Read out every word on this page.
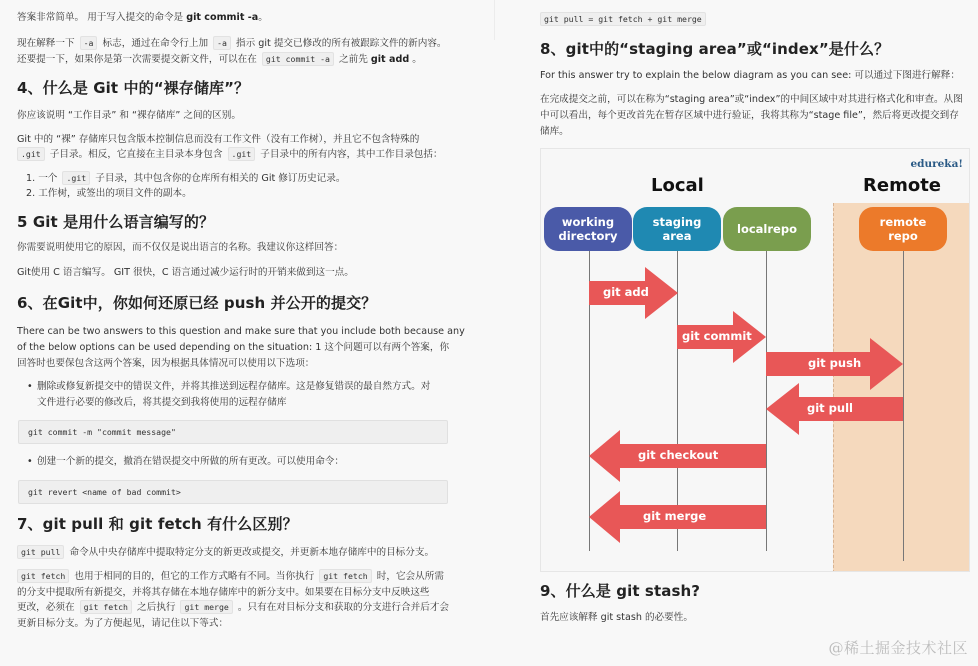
答案非常简单。 用于写入提交的命令是 git commit -a。
现在解释一下 -a 标志，通过在命令行上加 -a 指示 git 提交已修改的所有被跟踪文件的新内容。
还要提一下，如果你是第一次需要提交新文件，可以在在 git commit -a 之前先 git add 。
4、什么是 Git 中的“裸存储库”？
你应该说明 “工作目录” 和 “裸存储库” 之间的区别。
Git 中的 “裸” 存储库只包含版本控制信息而没有工作文件（没有工作树），并且它不包含特殊的
.git 子目录。相反，它直接在主目录本身包含 .git 子目录中的所有内容，其中工作目录包括：
1. 一个 .git 子目录，其中包含你的仓库所有相关的 Git 修订历史记录。
2. 工作树，或签出的项目文件的副本。
5 Git 是用什么语言编写的？
你需要说明使用它的原因，而不仅仅是说出语言的名称。我建议你这样回答：
Git使用 C 语言编写。 GIT 很快，C 语言通过减少运行时的开销来做到这一点。
6、在Git中，你如何还原已经 push 并公开的提交？
There can be two answers to this question and make sure that you include both because any
of the below options can be used depending on the situation: 1 这个问题可以有两个答案，你
回答时也要保包含这两个答案，因为根据具体情况可以使用以下选项：
• 删除或修复新提交中的错误文件，并将其推送到远程存储库。这是修复错误的最自然方式。对
文件进行必要的修改后，将其提交到我将使用的远程存储库
git commit -m "commit message"
• 创建一个新的提交，撤消在错误提交中所做的所有更改。可以使用命令：
git revert <name of bad commit>
7、git pull 和 git fetch 有什么区别？
git pull 命令从中央存储库中提取特定分支的新更改或提交，并更新本地存储库中的目标分支。
git fetch 也用于相同的目的，但它的工作方式略有不同。当你执行 git fetch 时，它会从所需
的分支中提取所有新提交，并将其存储在本地存储库中的新分支中。如果要在目标分支中反映这些
更改，必须在 git fetch 之后执行 git merge 。只有在对目标分支和获取的分支进行合并后才会
更新目标分支。为了方便起见，请记住以下等式：
git pull = git fetch + git merge
8、git中的“staging area”或“index”是什么？
For this answer try to explain the below diagram as you can see: 可以通过下图进行解释：
在完成提交之前，可以在称为“staging area”或“index”的中间区域中对其进行格式化和审查。从图
中可以看出，每个更改首先在暂存区域中进行验证，我将其称为“stage file”，然后将更改提交到存
储库。
edureka!
Local	Remote
working
directory
staging
area	localrepo	remote
repo
git add
git commit
git push
git pull
git checkout
git merge
9、什么是 git stash?
首先应该解释 git stash 的必要性。
@稀土掘金技术社区
